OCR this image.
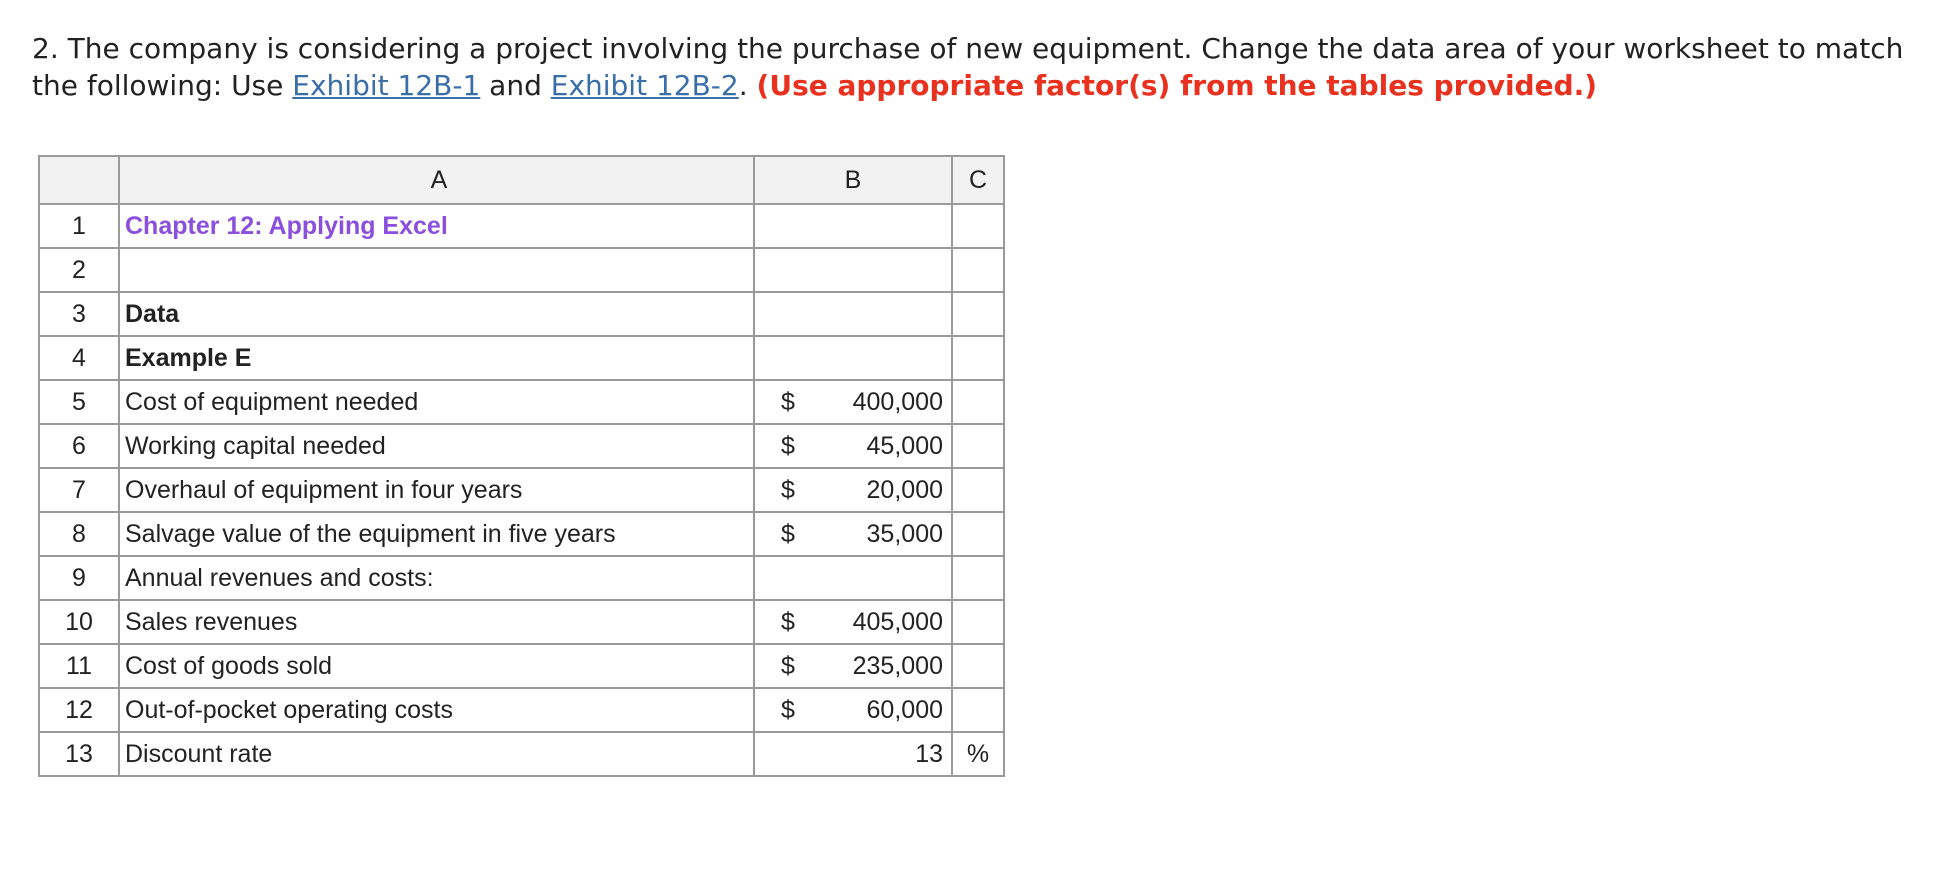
2. The company is considering a project involving the purchase of new equipment. Change the data area of your worksheet to match the following: Use Exhibit 12B-1 and Exhibit 12B-2. (Use appropriate factor(s) from the tables provided.)
	A	B	C
1	Chapter 12: Applying Excel		
2			
3	Data		
4	Example E		
5	Cost of equipment needed	$ 400,000	

6	Working capital needed	$ 45,000	

7	Overhaul of equipment in four years	$ 20,000	

8	Salvage value of the equipment in five years	$ 35,000	

9	Annual revenues and costs:		
10	Sales revenues	$ 405,000	

11	Cost of goods sold	$ 235,000	

12	Out-of-pocket operating costs	$ 60,000	

13	Discount rate	13	%
